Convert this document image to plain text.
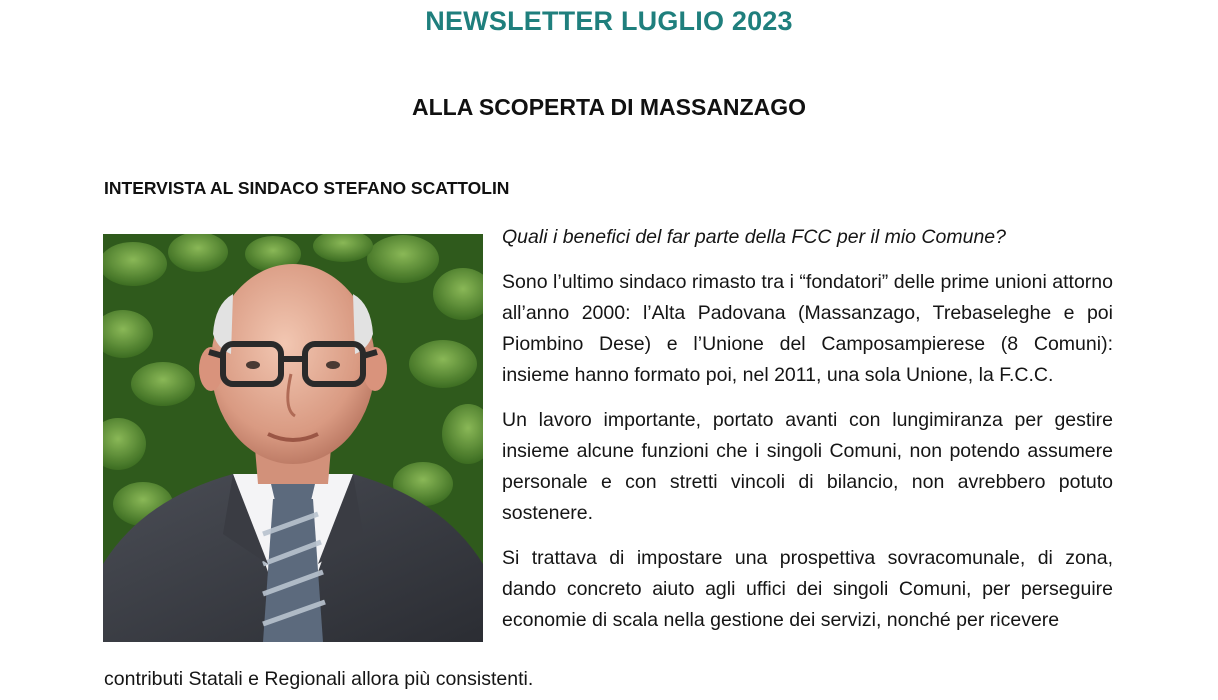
NEWSLETTER LUGLIO 2023
ALLA SCOPERTA DI MASSANZAGO
INTERVISTA AL SINDACO STEFANO SCATTOLIN

Quali i benefici del far parte della FCC per il mio Comune?

Sono l’ultimo sindaco rimasto tra i “fondatori” delle prime unioni attorno all’anno 2000: l’Alta Padovana (Massanzago, Trebaseleghe e poi Piombino Dese) e l’Unione del Camposampierese (8 Comuni): insieme hanno formato poi, nel 2011, una sola Unione, la F.C.C.

Un lavoro importante, portato avanti con lungimiranza per gestire insieme alcune funzioni che i singoli Comuni, non potendo assumere personale e con stretti vincoli di bilancio, non avrebbero potuto sostenere.

Si trattava di impostare una prospettiva sovracomunale, di zona, dando concreto aiuto agli uffici dei singoli Comuni, per perseguire economie di scala nella gestione dei servizi, nonché per ricevere

contributi Statali e Regionali allora più consistenti.
